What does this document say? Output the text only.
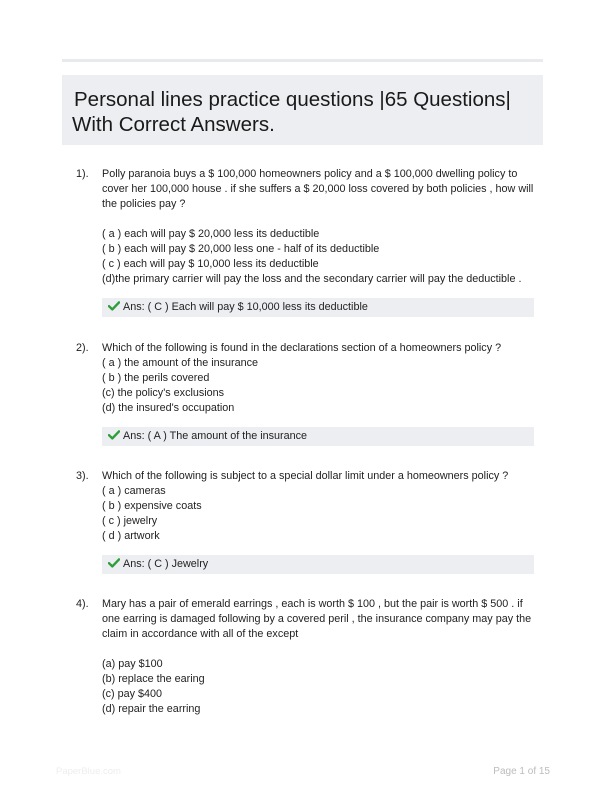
Personal lines practice questions |65 Questions|
With Correct Answers.
1). Polly paranoia buys a $ 100,000 homeowners policy and a $ 100,000 dwelling policy to
cover her 100,000 house . if she suffers a $ 20,000 loss covered by both policies , how will
the policies pay ?
( a ) each will pay $ 20,000 less its deductible
( b ) each will pay $ 20,000 less one - half of its deductible
( c ) each will pay $ 10,000 less its deductible
(d)the primary carrier will pay the loss and the secondary carrier will pay the deductible .
Ans: ( C ) Each will pay $ 10,000 less its deductible
2). Which of the following is found in the declarations section of a homeowners policy ?
( a ) the amount of the insurance
( b ) the perils covered
(c) the policy's exclusions
(d) the insured's occupation
Ans: ( A ) The amount of the insurance
3). Which of the following is subject to a special dollar limit under a homeowners policy ?
( a ) cameras
( b ) expensive coats
( c ) jewelry
( d ) artwork
Ans: ( C ) Jewelry
4). Mary has a pair of emerald earrings , each is worth $ 100 , but the pair is worth $ 500 . if
one earring is damaged following by a covered peril , the insurance company may pay the
claim in accordance with all of the except
(a) pay $100
(b) replace the earing
(c) pay $400
(d) repair the earring
PaperBlue.com	Page 1 of 15
